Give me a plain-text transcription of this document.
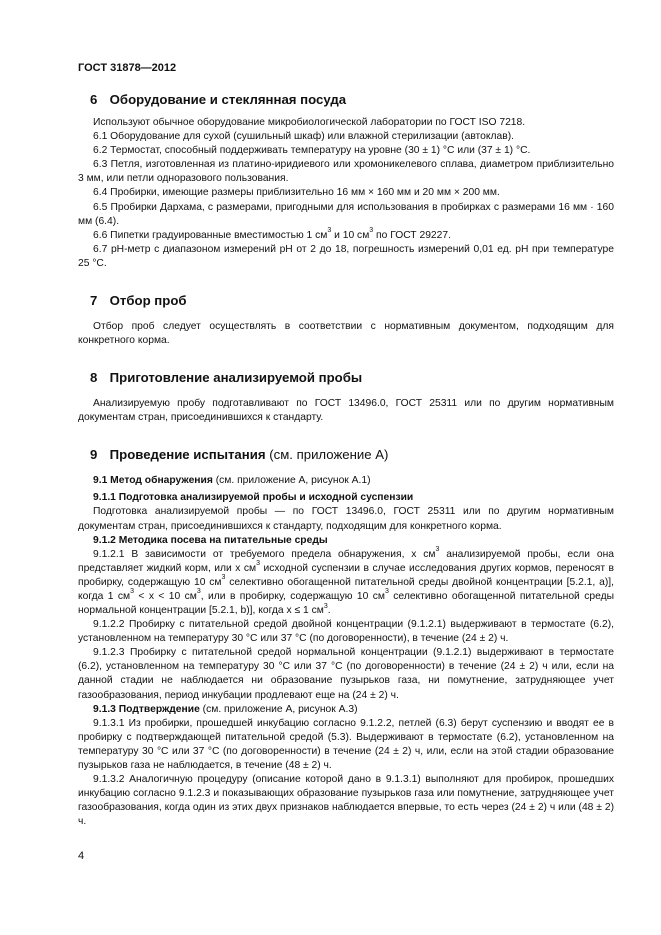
ГОСТ 31878—2012
6 Оборудование и стеклянная посуда

Используют обычное оборудование микробиологической лаборатории по ГОСТ ISO 7218.

6.1 Оборудование для сухой (сушильный шкаф) или влажной стерилизации (автоклав).

6.2 Термостат, способный поддерживать температуру на уровне (30 ± 1) °С или (37 ± 1) °С.

6.3 Петля, изготовленная из платино-иридиевого или хромоникелевого сплава, диаметром приблизительно 3 мм, или петли одноразового пользования.

6.4 Пробирки, имеющие размеры приблизительно 16 мм × 160 мм и 20 мм × 200 мм.

6.5 Пробирки Дархама, с размерами, пригодными для использования в пробирках с размерами 16 мм · 160 мм (6.4).

6.6 Пипетки градуированные вместимостью 1 $см^3$ и 10 $см^3$ по ГОСТ 29227.

6.7 pH-метр с диапазоном измерений pH от 2 до 18, погрешность измерений 0,01 ед. pH при температуре 25 °С.

7 Отбор проб

Отбор проб следует осуществлять в соответствии с нормативным документом, подходящим для конкретного корма.

8 Приготовление анализируемой пробы

Анализируемую пробу подготавливают по ГОСТ 13496.0, ГОСТ 25311 или по другим нормативным документам стран, присоединившихся к стандарту.

9 Проведение испытания (см. приложение А)
9.1 Метод обнаружения (см. приложение А, рисунок А.1)
9.1.1 Подготовка анализируемой пробы и исходной суспензии

Подготовка анализируемой пробы — по ГОСТ 13496.0, ГОСТ 25311 или по другим нормативным документам стран, присоединившихся к стандарту, подходящим для конкретного корма.

9.1.2 Методика посева на питательные среды

9.1.2.1 В зависимости от требуемого предела обнаружения, x $см^3$ анализируемой пробы, если она представляет жидкий корм, или x $см^3$ исходной суспензии в случае исследования других кормов, переносят в пробирку, содержащую 10 $см^3$ селективно обогащенной питательной среды двойной концентрации [5.2.1, а)], когда 1 $см^3 < x < 10$ $см^3$, или в пробирку, содержащую 10 $см^3$ селективно обогащенной питательной среды нормальной концентрации [5.2.1, b)], когда x ≤ 1 $см^3$.

9.1.2.2 Пробирку с питательной средой двойной концентрации (9.1.2.1) выдерживают в термостате (6.2), установленном на температуру 30 °С или 37 °С (по договоренности), в течение (24 ± 2) ч.

9.1.2.3 Пробирку с питательной средой нормальной концентрации (9.1.2.1) выдерживают в термостате (6.2), установленном на температуру 30 °С или 37 °С (по договоренности) в течение (24 ± 2) ч или, если на данной стадии не наблюдается ни образование пузырьков газа, ни помутнение, затрудняющее учет газообразования, период инкубации продлевают еще на (24 ± 2) ч.

9.1.3 Подтверждение (см. приложение А, рисунок А.3)

9.1.3.1 Из пробирки, прошедшей инкубацию согласно 9.1.2.2, петлей (6.3) берут суспензию и вводят ее в пробирку с подтверждающей питательной средой (5.3). Выдерживают в термостате (6.2), установленном на температуру 30 °С или 37 °С (по договоренности) в течение (24 ± 2) ч, или, если на этой стадии образование пузырьков газа не наблюдается, в течение (48 ± 2) ч.

9.1.3.2 Аналогичную процедуру (описание которой дано в 9.1.3.1) выполняют для пробирок, прошедших инкубацию согласно 9.1.2.3 и показывающих образование пузырьков газа или помутнение, затрудняющее учет газообразования, когда один из этих двух признаков наблюдается впервые, то есть через (24 ± 2) ч или (48 ± 2) ч.

4
